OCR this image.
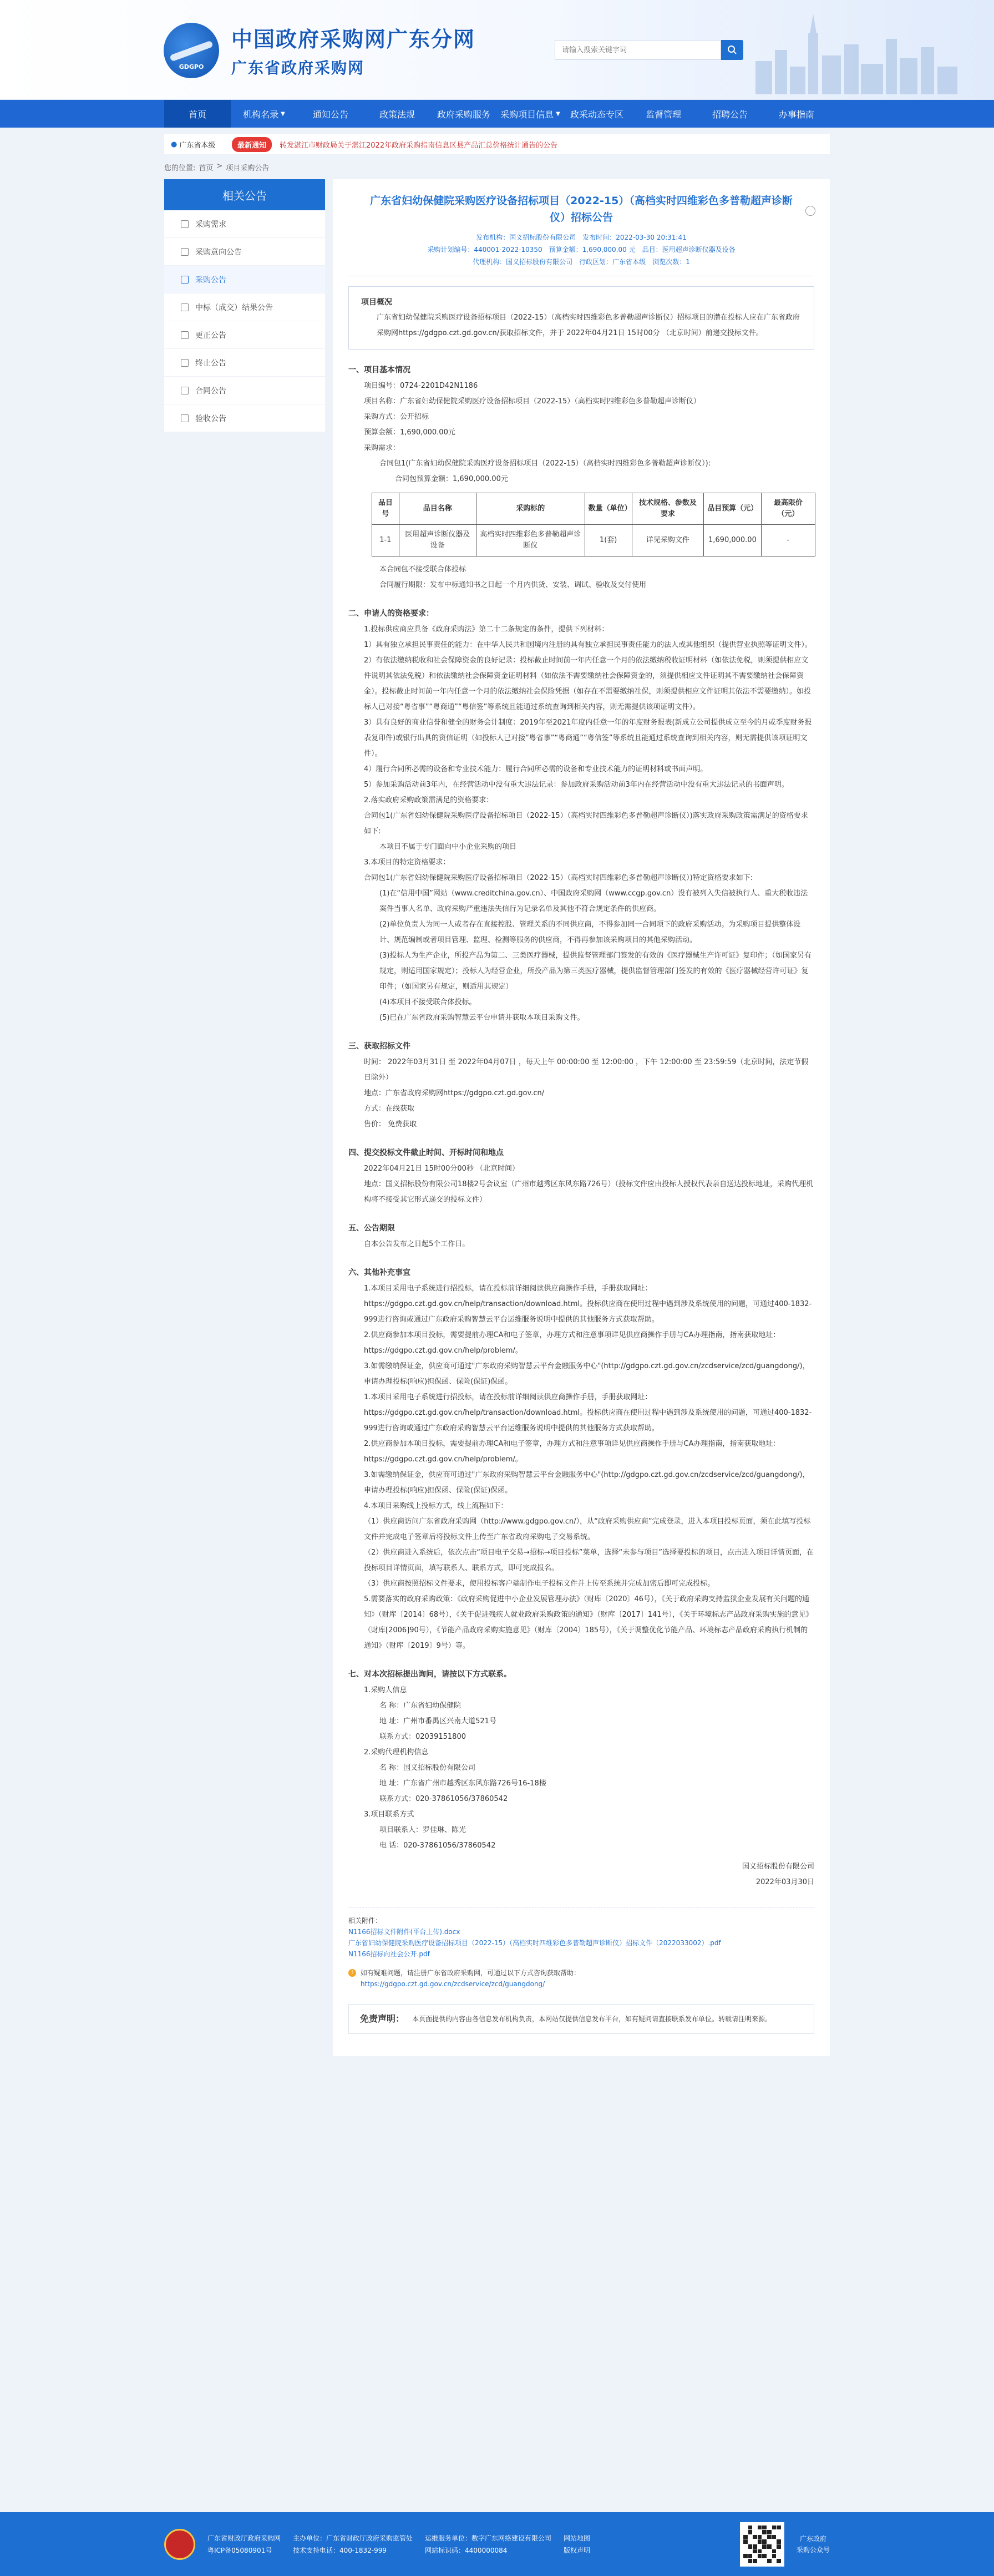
GDGPO
中国政府采购网广东分网
广东省政府采购网
请输入搜索关键字词
首页	机构名录 ▼	通知公告	政策法规 政府采购服务 采购项目信息 ▼ 政采动态专区 监督管理	招聘公告	办事指南
● 广东省本级	最新通知	转发湛江市财政局关于湛江2022年政府采购指南信息区县产品汇总价格统计通告的公告
您的位置: 首页 > 项目采购公告
相关公告
采购需求
采购意向公告
采购公告
中标（成交）结果公告
更正公告
终止公告
合同公告
验收公告
广东省妇幼保健院采购医疗设备招标项目（2022-15）（高档实时四维彩色多普勒超声诊断仪）招标公告
发布机构：国义招标股份有限公司 发布时间：2022-03-30 20:31:41
采购计划编号：440001-2022-10350 预算金额：1,690,000.00 元 品目：医用超声诊断仪器及设备
代理机构：国义招标股份有限公司 行政区划：广东省本级 浏览次数：1
项目概况
广东省妇幼保健院采购医疗设备招标项目（2022-15）（高档实时四维彩色多普勒超声诊断仪）招标项目的潜在投标人应在广东省政府采购网https://gdgpo.czt.gd.gov.cn/获取招标文件，并于 2022年04月21日 15时00分 （北京时间）前递交投标文件。
一、项目基本情况
项目编号：0724-2201D42N1186
项目名称：广东省妇幼保健院采购医疗设备招标项目（2022-15）（高档实时四维彩色多普勒超声诊断仪）
采购方式：公开招标
预算金额：1,690,000.00元
采购需求：
合同包1(广东省妇幼保健院采购医疗设备招标项目（2022-15）（高档实时四维彩色多普勒超声诊断仪）):
合同包预算金额：1,690,000.00元
品目号	品目名称	采购标的	数量（单位）	技术规格、参数及要求	品目预算（元）	最高限价（元）
1-1	医用超声诊断仪器及设备	高档实时四维彩色多普勒超声诊断仪	1(套)	详见采购文件	1,690,000.00	-
本合同包不接受联合体投标
合同履行期限：发布中标通知书之日起一个月内供货、安装、调试、验收及交付使用
二、申请人的资格要求：
1.投标供应商应具备《政府采购法》第二十二条规定的条件，提供下列材料：
1）具有独立承担民事责任的能力：在中华人民共和国境内注册的具有独立承担民事责任能力的法人或其他组织（提供营业执照等证明文件）。
2）有依法缴纳税收和社会保障资金的良好记录：投标截止时间前一年内任意一个月的依法缴纳税收证明材料（如依法免税，则须提供相应文件说明其依法免税）和依法缴纳社会保障资金证明材料（如依法不需要缴纳社会保障资金的，须提供相应文件证明其不需要缴纳社会保障资金）。投标截止时间前一年内任意一个月的依法缴纳社会保险凭据（如存在不需要缴纳社保，则须提供相应文件证明其依法不需要缴纳）。如投标人已对接“粤省事”“粤商通”“粤信签”等系统且能通过系统查询到相关内容，则无需提供该项证明文件）。
3）具有良好的商业信誉和健全的财务会计制度：2019年至2021年度内任意一年的年度财务报表(新成立公司提供成立至今的月或季度财务报表复印件)或银行出具的资信证明（如投标人已对接“粤省事”“粤商通”“粤信签”等系统且能通过系统查询到相关内容，则无需提供该项证明文件）。
4）履行合同所必需的设备和专业技术能力：履行合同所必需的设备和专业技术能力的证明材料或书面声明。
5）参加采购活动前3年内，在经营活动中没有重大违法记录：参加政府采购活动前3年内在经营活动中没有重大违法记录的书面声明。
2.落实政府采购政策需满足的资格要求：
合同包1(广东省妇幼保健院采购医疗设备招标项目（2022-15）（高档实时四维彩色多普勒超声诊断仪）)落实政府采购政策需满足的资格要求如下:
本项目不属于专门面向中小企业采购的项目
3.本项目的特定资格要求：
合同包1(广东省妇幼保健院采购医疗设备招标项目（2022-15）（高档实时四维彩色多普勒超声诊断仪）)特定资格要求如下:
(1)在“信用中国”网站（www.creditchina.gov.cn）、中国政府采购网（www.ccgp.gov.cn）没有被列入失信被执行人、重大税收违法案件当事人名单、政府采购严重违法失信行为记录名单及其他不符合规定条件的供应商。
(2)单位负责人为同一人或者存在直接控股、管理关系的不同供应商，不得参加同一合同项下的政府采购活动。为采购项目提供整体设计、规范编制或者项目管理、监理、检测等服务的供应商，不得再参加该采购项目的其他采购活动。
(3)投标人为生产企业，所投产品为第二、三类医疗器械，提供监督管理部门签发的有效的《医疗器械生产许可证》复印件；（如国家另有规定，则适用国家规定）；投标人为经营企业，所投产品为第三类医疗器械，提供监督管理部门签发的有效的《医疗器械经营许可证》复印件；（如国家另有规定，则适用其规定）
(4)本项目不接受联合体投标。
(5)已在广东省政府采购智慧云平台申请并获取本项目采购文件。
三、获取招标文件
时间： 2022年03月31日 至 2022年04月07日 ，每天上午 00:00:00 至 12:00:00 ，下午 12:00:00 至 23:59:59（北京时间，法定节假日除外）
地点：广东省政府采购网https://gdgpo.czt.gd.gov.cn/
方式：在线获取
售价： 免费获取
四、提交投标文件截止时间、开标时间和地点
2022年04月21日 15时00分00秒 （北京时间）
地点：国义招标股份有限公司18楼2号会议室（广州市越秀区东风东路726号）（投标文件应由投标人授权代表亲自送达投标地址，采购代理机构将不接受其它形式递交的投标文件）
五、公告期限
自本公告发布之日起5个工作日。
六、其他补充事宜
1.本项目采用电子系统进行招投标，请在投标前详细阅读供应商操作手册，手册获取网址：https://gdgpo.czt.gd.gov.cn/help/transaction/download.html。投标供应商在使用过程中遇到涉及系统使用的问题，可通过400-1832-999进行咨询或通过广东政府采购智慧云平台运维服务说明中提供的其他服务方式获取帮助。
2.供应商参加本项目投标，需要提前办理CA和电子签章，办理方式和注意事项详见供应商操作手册与CA办理指南，指南获取地址：https://gdgpo.czt.gd.gov.cn/help/problem/。
3.如需缴纳保证金，供应商可通过"广东政府采购智慧云平台金融服务中心"(http://gdgpo.czt.gd.gov.cn/zcdservice/zcd/guangdong/)，申请办理投标(响应)担保函、保险(保证)保函。
1.本项目采用电子系统进行招投标，请在投标前详细阅读供应商操作手册，手册获取网址：https://gdgpo.czt.gd.gov.cn/help/transaction/download.html。投标供应商在使用过程中遇到涉及系统使用的问题，可通过400-1832-999进行咨询或通过广东政府采购智慧云平台运维服务说明中提供的其他服务方式获取帮助。
2.供应商参加本项目投标，需要提前办理CA和电子签章，办理方式和注意事项详见供应商操作手册与CA办理指南，指南获取地址：https://gdgpo.czt.gd.gov.cn/help/problem/。
3.如需缴纳保证金，供应商可通过"广东政府采购智慧云平台金融服务中心"(http://gdgpo.czt.gd.gov.cn/zcdservice/zcd/guangdong/)，申请办理投标(响应)担保函、保险(保证)保函。
4.本项目采购线上投标方式，线上流程如下：
（1）供应商访问广东省政府采购网（http://www.gdgpo.gov.cn/），从“政府采购供应商”完成登录，进入本项目投标页面，须在此填写投标文件并完成电子签章后将投标文件上传至广东省政府采购电子交易系统。
（2）供应商进入系统后，依次点击“项目电子交易→招标→项目投标”菜单，选择“未参与项目”选择要投标的项目，点击进入项目详情页面，在投标项目详情页面，填写联系人、联系方式，即可完成报名。
（3）供应商按照招标文件要求，使用投标客户端制作电子投标文件并上传至系统并完成加密后即可完成投标。
5.需要落实的政府采购政策：《政府采购促进中小企业发展管理办法》（财库〔2020〕46号），《关于政府采购支持监狱企业发展有关问题的通知》（财库〔2014〕68号），《关于促进残疾人就业政府采购政策的通知》（财库〔2017〕141号），《关于环境标志产品政府采购实施的意见》（财库[2006]90号），《节能产品政府采购实施意见》（财库〔2004〕185号），《关于调整优化节能产品、环境标志产品政府采购执行机制的通知》（财库〔2019〕9号）等。
七、对本次招标提出询问，请按以下方式联系。
1.采购人信息
名 称：广东省妇幼保健院
地 址：广州市番禺区兴南大道521号
联系方式：020391518​00
2.采购代理机构信息
名 称：国义招标股份有限公司
地 址：广东省广州市越秀区东风东路726号16-18楼
联系方式：020-37861056/37860542
3.项目联系方式
项目联系人：罗佳琳、陈光
电 话：020-37861056/37860542
国义招标股份有限公司
2022年03月30日
相关附件：
N1166招标文件附件(平台上传).docx
广东省妇幼保健院采购医疗设备招标项目（2022-15）（高档实时四维彩色多普勒超声诊断仪）招标文件（2022033002）.pdf
N1166招标向社会公开.pdf
!	如有疑难问题，请注册广东省政府采购网，可通过以下方式咨询获取帮助：
https://gdgpo.czt.gd.gov.cn/zcdservice/zcd/guangdong/
免责声明： 本页面提供的内容由各信息发布机构负责，本网站仅提供信息发布平台，如有疑问请直接联系发布单位。转载请注明来源。
广东省财政厅政府采购网
粤ICP备05080901号
主办单位：广东省财政厅政府采购监管处
技术支持电话：400-1832-999
运维服务单位：数字广东网络建设有限公司
网站标识码：4400000084
网站地图
版权声明
广东政府
采购公众号
